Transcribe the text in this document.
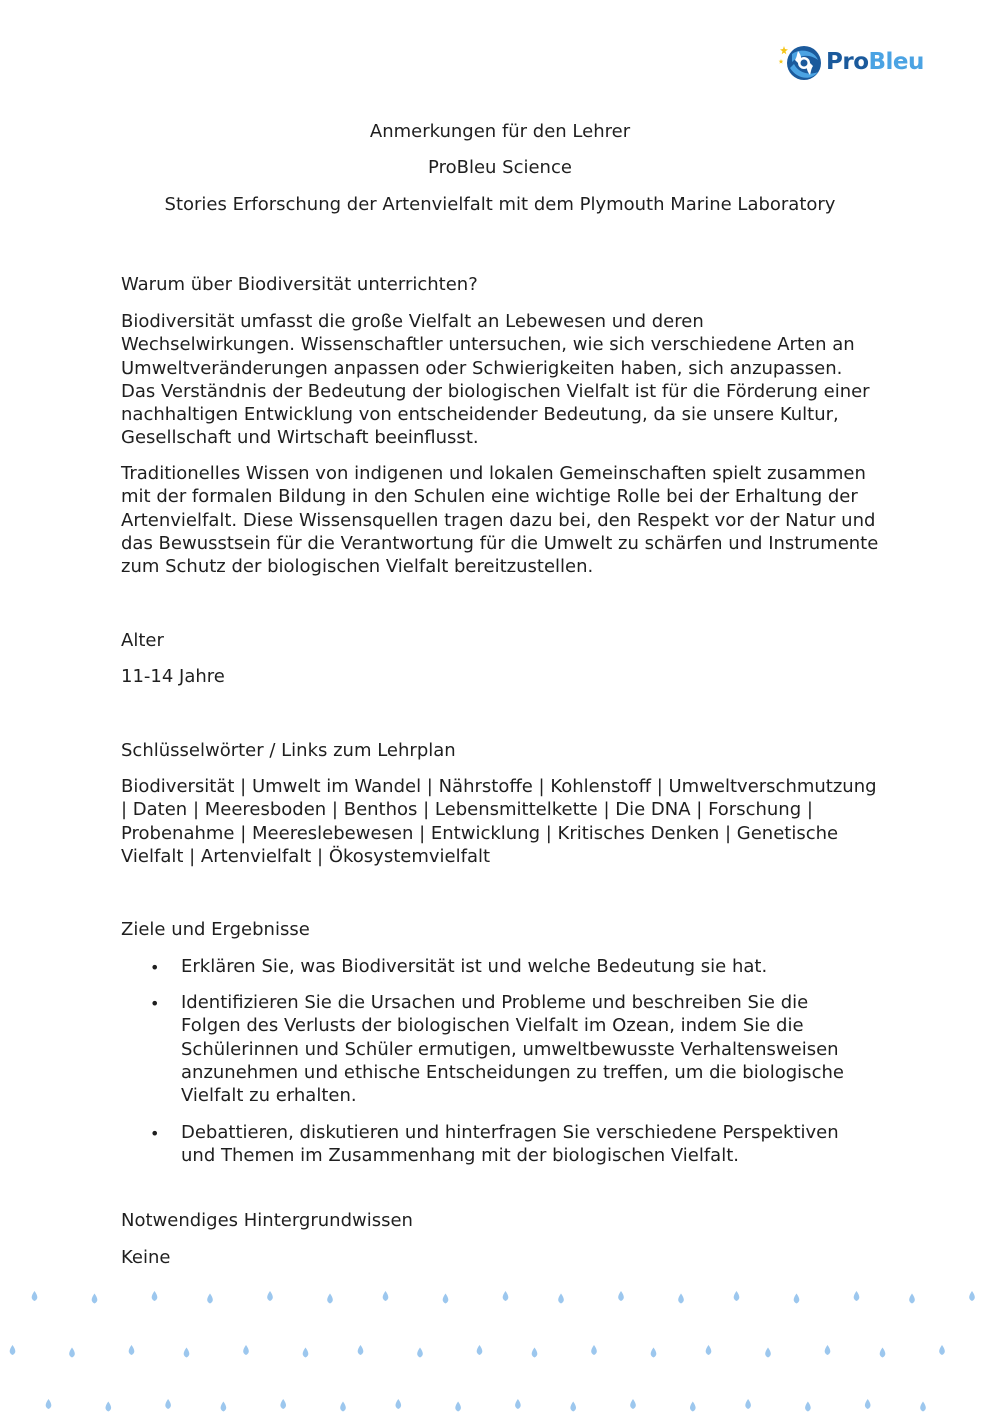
ProBleu
Anmerkungen für den Lehrer
ProBleu Science
Stories Erforschung der Artenvielfalt mit dem Plymouth Marine Laboratory

Warum über Biodiversität unterrichten?

Biodiversität umfasst die große Vielfalt an Lebewesen und deren Wechselwirkungen. Wissenschaftler untersuchen, wie sich verschiedene Arten an Umweltveränderungen anpassen oder Schwierigkeiten haben, sich anzupassen. Das Verständnis der Bedeutung der biologischen Vielfalt ist für die Förderung einer nachhaltigen Entwicklung von entscheidender Bedeutung, da sie unsere Kultur, Gesellschaft und Wirtschaft beeinflusst.

Traditionelles Wissen von indigenen und lokalen Gemeinschaften spielt zusammen mit der formalen Bildung in den Schulen eine wichtige Rolle bei der Erhaltung der Artenvielfalt. Diese Wissensquellen tragen dazu bei, den Respekt vor der Natur und das Bewusstsein für die Verantwortung für die Umwelt zu schärfen und Instrumente zum Schutz der biologischen Vielfalt bereitzustellen.

Alter

11-14 Jahre

Schlüsselwörter / Links zum Lehrplan

Biodiversität | Umwelt im Wandel | Nährstoffe | Kohlenstoff | Umweltverschmutzung | Daten | Meeresboden | Benthos | Lebensmittelkette | Die DNA | Forschung | Probenahme | Meereslebewesen | Entwicklung | Kritisches Denken | Genetische Vielfalt | Artenvielfalt | Ökosystemvielfalt

Ziele und Ergebnisse

• Erklären Sie, was Biodiversität ist und welche Bedeutung sie hat.

• Identifizieren Sie die Ursachen und Probleme und beschreiben Sie die Folgen des Verlusts der biologischen Vielfalt im Ozean, indem Sie die Schülerinnen und Schüler ermutigen, umweltbewusste Verhaltensweisen anzunehmen und ethische Entscheidungen zu treffen, um die biologische Vielfalt zu erhalten.

• Debattieren, diskutieren und hinterfragen Sie verschiedene Perspektiven und Themen im Zusammenhang mit der biologischen Vielfalt.

Notwendiges Hintergrundwissen

Keine
